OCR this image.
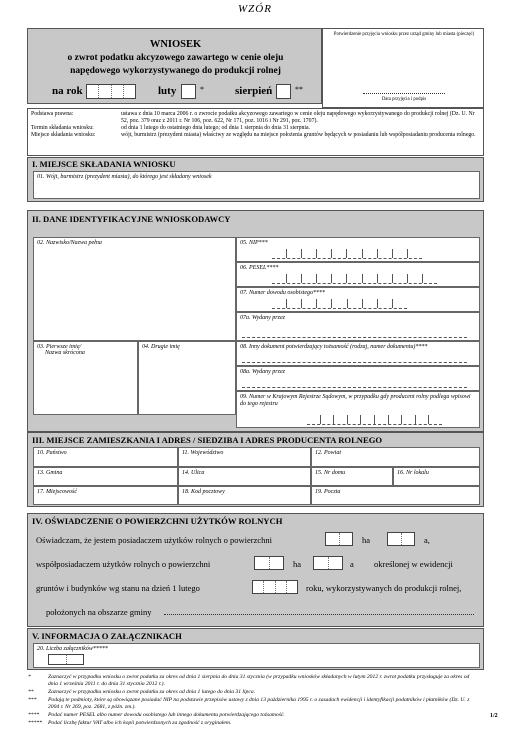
WZÓR
WNIOSEK
o zwrot podatku akcyzowego zawartego w cenie oleju
napędowego wykorzystywanego do produkcji rolnej
na rok	luty	*	sierpień	**
Potwierdzenie przyjęcia wniosku przez urząd gminy lub miasta (pieczęć)
Data przyjęcia i podpis
Podstawa prawna:	ustawa z dnia 10 marca 2006 r. o zwrocie podatku akcyzowego zawartego w cenie oleju napędowego wykorzystywanego do produkcji rolnej (Dz. U. Nr 52, poz. 379 oraz z 2011 r. Nr 106, poz. 622, Nr 171, poz. 1016 i Nr 291, poz. 1707).
Termin składania wniosku:	od dnia 1 lutego do ostatniego dnia lutego; od dnia 1 sierpnia do dnia 31 sierpnia.
Miejsce składania wniosku:	wójt, burmistrz (prezydent miasta) właściwy ze względu na miejsce położenia gruntów będących w posiadaniu lub współposiadaniu producenta rolnego.
I. MIEJSCE SKŁADANIA WNIOSKU
01. Wójt, burmistrz (prezydent miasta), do którego jest składany wniosek
II. DANE IDENTYFIKACYJNE WNIOSKODAWCY
02. Nazwisko/Nazwa pełna
03. Pierwsze imię/
Nazwa skrócona
04. Drugie imię
05. NIP***
06. PESEL****
07. Numer dowodu osobistego****
07a. Wydany przez
08. Inny dokument potwierdzający tożsamość (rodzaj, numer dokumentu)****
08a. Wydany przez
09. Numer w Krajowym Rejestrze Sądowym, w przypadku gdy producent rolny podlega wpisowi do tego rejestru
III. MIEJSCE ZAMIESZKANIA I ADRES / SIEDZIBA I ADRES PRODUCENTA ROLNEGO
10. Państwo	11. Województwo	12. Powiat
13. Gmina	14. Ulica	15. Nr domu	16. Nr lokalu
17. Miejscowość	18. Kod pocztowy	19. Poczta
IV. OŚWIADCZENIE O POWIERZCHNI UŻYTKÓW ROLNYCH
Oświadczam, że jestem posiadaczem użytków rolnych o powierzchni	ha	a,
współposiadaczem użytków rolnych o powierzchni	ha	a określonej w ewidencji
gruntów i budynków wg stanu na dzień 1 lutego	roku, wykorzystywanych do produkcji rolnej,
położonych na obszarze gminy
V. INFORMACJA O ZAŁĄCZNIKACH
20. Liczba załączników*****
*	Zaznaczyć w przypadku wniosku o zwrot podatku za okres od dnia 1 sierpnia do dnia 31 stycznia (w przypadku wniosków składanych w lutym 2012 r. zwrot podatku przysługuje za okres od dnia 1 września 2011 r. do dnia 31 stycznia 2012 r.).
**	Zaznaczyć w przypadku wniosku o zwrot podatku za okres od dnia 1 lutego do dnia 31 lipca.
*** Podają te podmioty, które są obowiązane posiadać NIP na podstawie przepisów ustawy z dnia 13 października 1995 r. o zasadach ewidencji i identyfikacji podatników i płatników (Dz. U. z 2004 r. Nr 269, poz. 2681, z późn. zm.).
**** Podać numer PESEL albo numer dowodu osobistego lub innego dokumentu potwierdzającego tożsamość.
***** Podać liczbę faktur VAT albo ich kopii potwierdzonych za zgodność z oryginałem.
1/2
